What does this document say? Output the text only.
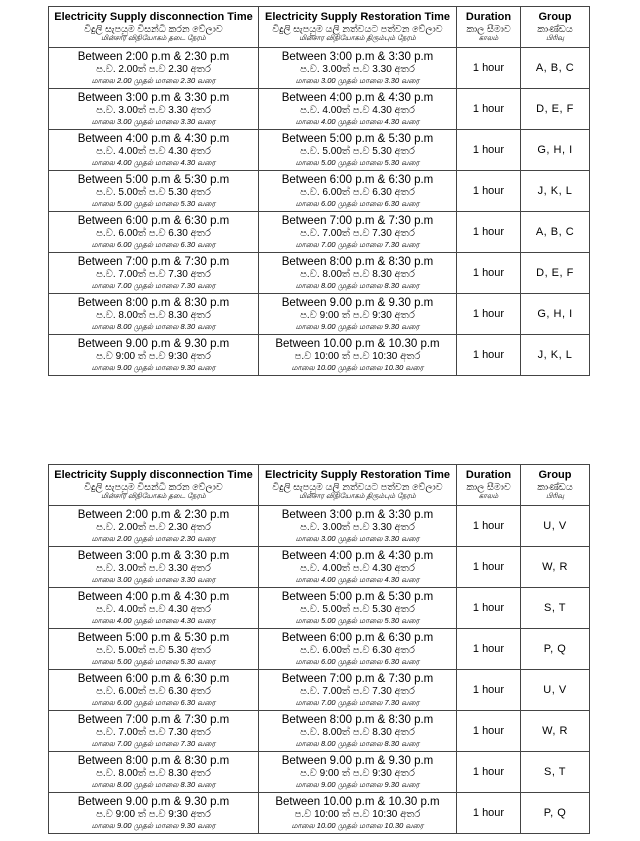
Electricity Supply disconnection Time
විදුලි සැපයුම විසන්ධි කරන වේලාව
மின்சார விநியோகம் தடை நேரம்	Electricity Supply Restoration Time
විදුලි සැපයුම යලි නත්වයට පත්වන වේලාව
மின்சார விநியோகம் திரும்பும் நேரம்	Duration
කාල සීමාව
காலம்	Group
කාණ්ඩය
பிரிவு

Between 2:00 p.m & 2:30 p.m
ප.ව. 2.00ත් ප.ව 2.30 අතර
மாலை 2.00 முதல் மாலை 2.30 வரை	Between 3:00 p.m & 3:30 p.m
ප.ව. 3.00ත් ප.ව 3.30 අතර
மாலை 3.00 முதல் மாலை 3.30 வரை	1 hour	A, B, C

Between 3:00 p.m & 3:30 p.m
ප.ව. 3.00ත් ප.ව 3.30 අතර
மாலை 3.00 முதல் மாலை 3.30 வரை	Between 4:00 p.m & 4:30 p.m
ප.ව. 4.00ත් ප.ව 4.30 අතර
மாலை 4.00 முதல் மாலை 4.30 வரை	1 hour	D, E, F

Between 4:00 p.m & 4:30 p.m
ප.ව. 4.00ත් ප.ව 4.30 අතර
மாலை 4.00 முதல் மாலை 4.30 வரை	Between 5:00 p.m & 5:30 p.m
ප.ව. 5.00ත් ප.ව 5.30 අතර
மாலை 5.00 முதல் மாலை 5.30 வரை	1 hour	G, H, I

Between 5:00 p.m & 5:30 p.m
ප.ව. 5.00ත් ප.ව 5.30 අතර
மாலை 5.00 முதல் மாலை 5.30 வரை	Between 6:00 p.m & 6:30 p.m
ප.ව. 6.00ත් ප.ව 6.30 අතර
மாலை 6.00 முதல் மாலை 6.30 வரை	1 hour	J, K, L

Between 6:00 p.m & 6:30 p.m
ප.ව. 6.00ත් ප.ව 6.30 අතර
மாலை 6.00 முதல் மாலை 6.30 வரை	Between 7:00 p.m & 7:30 p.m
ප.ව. 7.00ත් ප.ව 7.30 අතර
மாலை 7.00 முதல் மாலை 7.30 வரை	1 hour	A, B, C

Between 7:00 p.m & 7:30 p.m
ප.ව. 7.00ත් ප.ව 7.30 අතර
மாலை 7.00 முதல் மாலை 7.30 வரை	Between 8:00 p.m & 8:30 p.m
ප.ව. 8.00ත් ප.ව 8.30 අතර
மாலை 8.00 முதல் மாலை 8.30 வரை	1 hour	D, E, F

Between 8:00 p.m & 8:30 p.m
ප.ව. 8.00ත් ප.ව 8.30 අතර
மாலை 8.00 முதல் மாலை 8.30 வரை	Between 9.00 p.m & 9.30 p.m
ප.ව 9:00 ත් ප.ව 9:30 අතර
மாலை 9.00 முதல் மாலை 9.30 வரை	1 hour	G, H, I

Between 9.00 p.m & 9.30 p.m
ප.ව 9:00 ත් ප.ව 9:30 අතර
மாலை 9.00 முதல் மாலை 9.30 வரை	Between 10.00 p.m & 10.30 p.m
ප.ව 10:00 ත් ප.ව 10:30 අතර
மாலை 10.00 முதல் மாலை 10.30 வரை	1 hour	J, K, L
Electricity Supply disconnection Time
විදුලි සැපයුම විසන්ධි කරන වේලාව
மின்சார விநியோகம் தடை நேரம்	Electricity Supply Restoration Time
විදුලි සැපයුම යලි නත්වයට පත්වන වේලාව
மின்சார விநியோகம் திரும்பும் நேரம்	Duration
කාල සීමාව
காலம்	Group
කාණ්ඩය
பிரிவு

Between 2:00 p.m & 2:30 p.m
ප.ව. 2.00ත් ප.ව 2.30 අතර
மாலை 2.00 முதல் மாலை 2.30 வரை	Between 3:00 p.m & 3:30 p.m
ප.ව. 3.00ත් ප.ව 3.30 අතර
மாலை 3.00 முதல் மாலை 3.30 வரை	1 hour	U, V

Between 3:00 p.m & 3:30 p.m
ප.ව. 3.00ත් ප.ව 3.30 අතර
மாலை 3.00 முதல் மாலை 3.30 வரை	Between 4:00 p.m & 4:30 p.m
ප.ව. 4.00ත් ප.ව 4.30 අතර
மாலை 4.00 முதல் மாலை 4.30 வரை	1 hour	W, R

Between 4:00 p.m & 4:30 p.m
ප.ව. 4.00ත් ප.ව 4.30 අතර
மாலை 4.00 முதல் மாலை 4.30 வரை	Between 5:00 p.m & 5:30 p.m
ප.ව. 5.00ත් ප.ව 5.30 අතර
மாலை 5.00 முதல் மாலை 5.30 வரை	1 hour	S, T

Between 5:00 p.m & 5:30 p.m
ප.ව. 5.00ත් ප.ව 5.30 අතර
மாலை 5.00 முதல் மாலை 5.30 வரை	Between 6:00 p.m & 6:30 p.m
ප.ව. 6.00ත් ප.ව 6.30 අතර
மாலை 6.00 முதல் மாலை 6.30 வரை	1 hour	P, Q

Between 6:00 p.m & 6:30 p.m
ප.ව. 6.00ත් ප.ව 6.30 අතර
மாலை 6.00 முதல் மாலை 6.30 வரை	Between 7:00 p.m & 7:30 p.m
ප.ව. 7.00ත් ප.ව 7.30 අතර
மாலை 7.00 முதல் மாலை 7.30 வரை	1 hour	U, V

Between 7:00 p.m & 7:30 p.m
ප.ව. 7.00ත් ප.ව 7.30 අතර
மாலை 7.00 முதல் மாலை 7.30 வரை	Between 8:00 p.m & 8:30 p.m
ප.ව. 8.00ත් ප.ව 8.30 අතර
மாலை 8.00 முதல் மாலை 8.30 வரை	1 hour	W, R

Between 8:00 p.m & 8:30 p.m
ප.ව. 8.00ත් ප.ව 8.30 අතර
மாலை 8.00 முதல் மாலை 8.30 வரை	Between 9.00 p.m & 9.30 p.m
ප.ව 9:00 ත් ප.ව 9:30 අතර
மாலை 9.00 முதல் மாலை 9.30 வரை	1 hour	S, T

Between 9.00 p.m & 9.30 p.m
ප.ව 9:00 ත් ප.ව 9:30 අතර
மாலை 9.00 முதல் மாலை 9.30 வரை	Between 10.00 p.m & 10.30 p.m
ප.ව 10:00 ත් ප.ව 10:30 අතර
மாலை 10.00 முதல் மாலை 10.30 வரை	1 hour	P, Q
